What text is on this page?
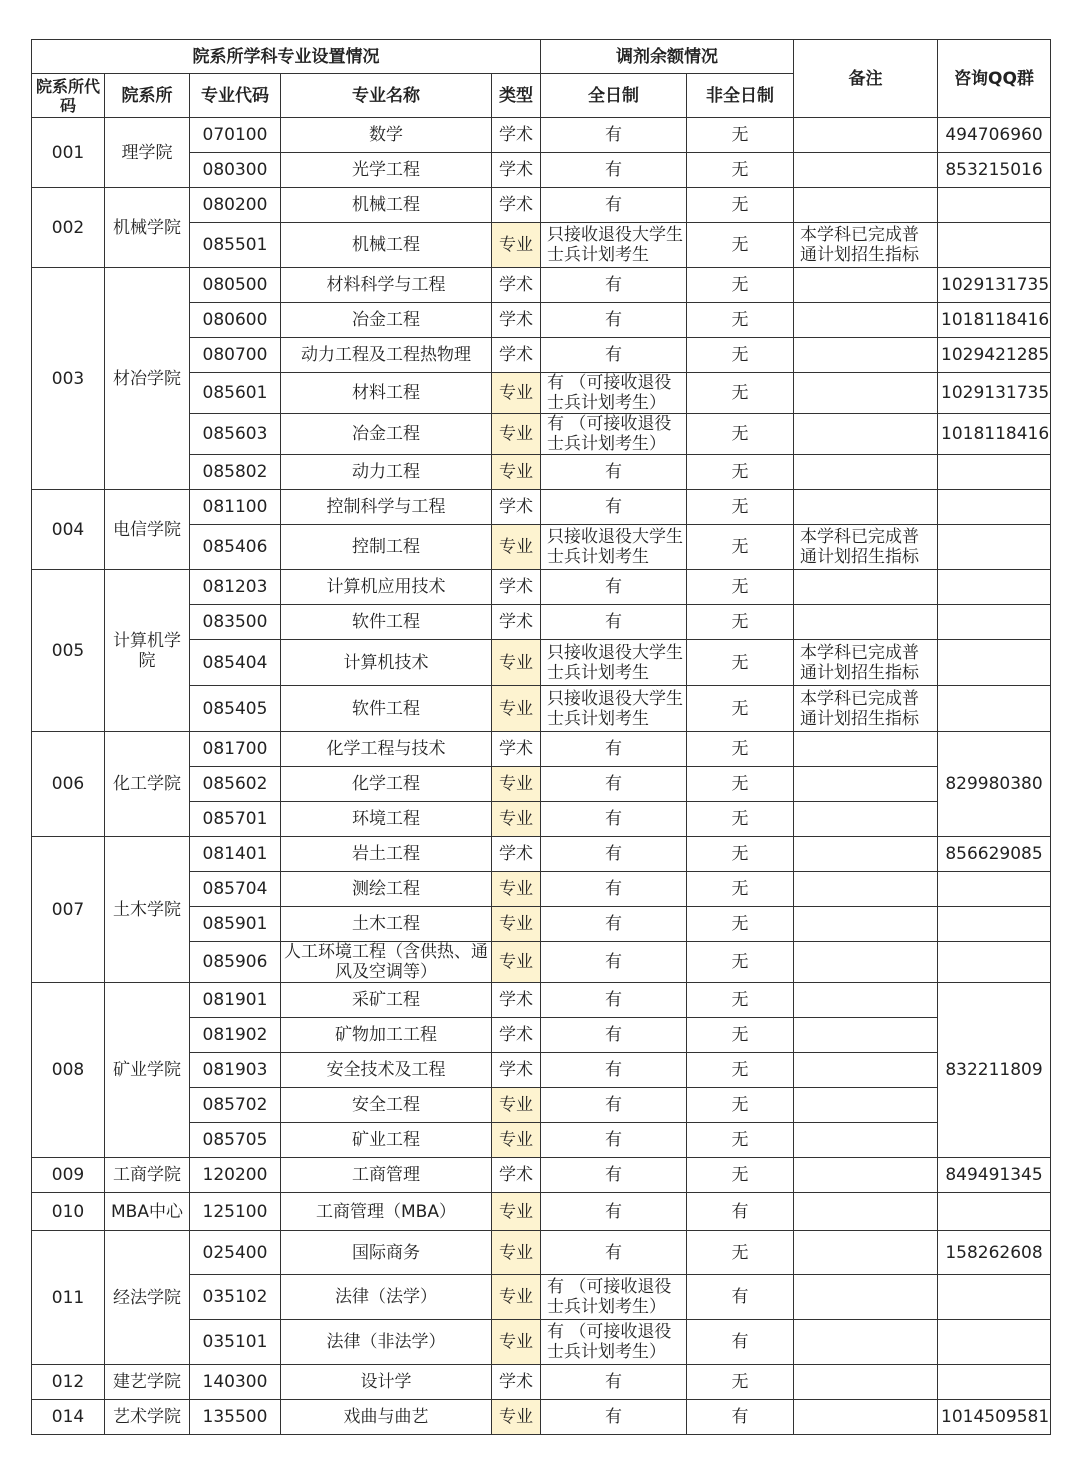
院系所学科专业设置情况					调剂余额情况		备注	咨询QQ群
院系所代码	院系所	专业代码	专业名称	类型	全日制	非全日制		
001	理学院	070100	数学	学术	有	无		494706960
		080300	光学工程	学术	有	无		853215016
002	机械学院	080200	机械工程	学术	有	无		
		085501	机械工程	专业	只接收退役大学生士兵计划考生	无	本学科已完成普通计划招生指标	
003	材冶学院	080500	材料科学与工程	学术	有	无		1029131735
		080600	冶金工程	学术	有	无		1018118416
		080700	动力工程及工程热物理	学术	有	无		1029421285
		085601	材料工程	专业	有 （可接收退役士兵计划考生）	无		1029131735
		085603	冶金工程	专业	有 （可接收退役士兵计划考生）	无		1018118416
		085802	动力工程	专业	有	无		
004	电信学院	081100	控制科学与工程	学术	有	无		
		085406	控制工程	专业	只接收退役大学生士兵计划考生	无	本学科已完成普通计划招生指标	
005	计算机学院	081203	计算机应用技术	学术	有	无		
		083500	软件工程	学术	有	无		
		085404	计算机技术	专业	只接收退役大学生士兵计划考生	无	本学科已完成普通计划招生指标	
		085405	软件工程	专业	只接收退役大学生士兵计划考生	无	本学科已完成普通计划招生指标	
006	化工学院	081700	化学工程与技术	学术	有	无		829980380
		085602	化学工程	专业	有	无		
		085701	环境工程	专业	有	无		
007	土木学院	081401	岩土工程	学术	有	无		856629085
		085704	测绘工程	专业	有	无		
		085901	土木工程	专业	有	无		
		085906	人工环境工程（含供热、通风及空调等）	专业	有	无		
008	矿业学院	081901	采矿工程	学术	有	无		832211809
		081902	矿物加工工程	学术	有	无		
		081903	安全技术及工程	学术	有	无		
		085702	安全工程	专业	有	无		
		085705	矿业工程	专业	有	无		
009	工商学院	120200	工商管理	学术	有	无		849491345
010	MBA中心	125100	工商管理（MBA）	专业	有	有		
011	经法学院	025400	国际商务	专业	有	无		158262608
		035102	法律（法学）	专业	有 （可接收退役士兵计划考生）	有		
		035101	法律（非法学）	专业	有 （可接收退役士兵计划考生）	有		
012	建艺学院	140300	设计学	学术	有	无		
014	艺术学院	135500	戏曲与曲艺	专业	有	有		1014509581
